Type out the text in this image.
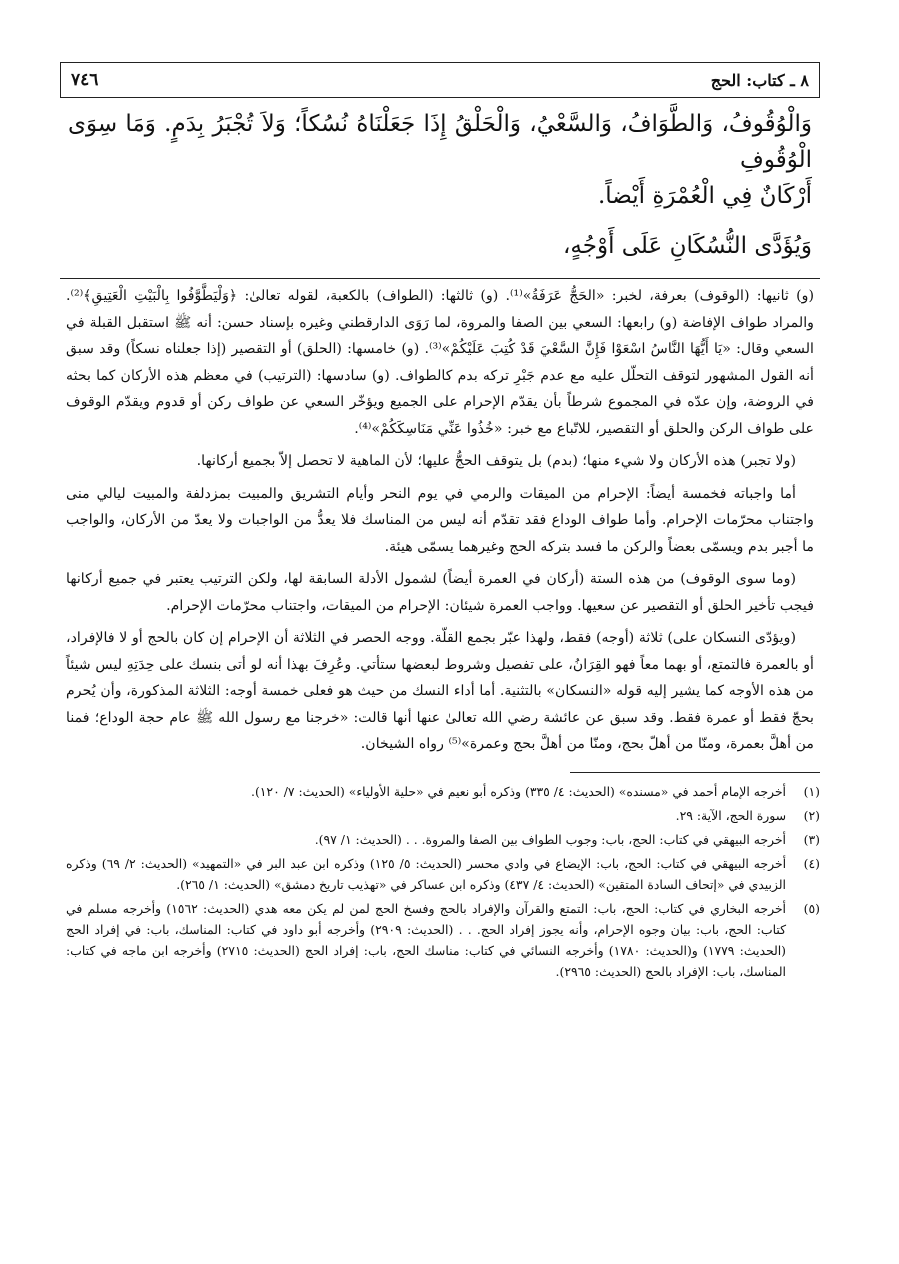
٨ ـ كتاب: الحج
٧٤٦
وَالْوُقُوفُ، وَالطَّوَافُ، وَالسَّعْيُ، وَالْحَلْقُ إِذَا جَعَلْنَاهُ نُسُكاً؛ وَلاَ تُجْبَرُ بِدَمٍ. وَمَا سِوَى الْوُقُوفِ
أَرْكَانٌ فِي الْعُمْرَةِ أَيْضاً.
وَيُؤَدَّى النُّسُكَانِ عَلَى أَوْجُهٍ،

(و) ثانيها: (الوقوف) بعرفة، لخبر: «الحَجُّ عَرَفَةُ»⁽¹⁾. (و) ثالثها: (الطواف) بالكعبة، لقوله تعالىٰ: ﴿وَلْيَطَّوَّفُوا بِالْبَيْتِ الْعَتِيقِ﴾⁽²⁾. والمراد طواف الإفاضة (و) رابعها: السعي بين الصفا والمروة، لما رَوَى الدارقطني وغيره بإسناد حسن: أنه ﷺ استقبل القبلة في السعي وقال: «يَا أَيُّهَا النَّاسُ اسْعَوْا فَإِنَّ السَّعْيَ قَدْ كُتِبَ عَلَيْكُمْ»⁽³⁾. (و) خامسها: (الحلق) أو التقصير (إذا جعلناه نسكاً) وقد سبق أنه القول المشهور لتوقف التحلّل عليه مع عدم جَبْرِ تركه بدم كالطواف. (و) سادسها: (الترتيب) في معظم هذه الأركان كما بحثه في الروضة، وإن عدّه في المجموع شرطاً بأن يقدّم الإحرام على الجميع ويؤخّر السعي عن طواف ركن أو قدوم ويقدّم الوقوف على طواف الركن والحلق أو التقصير، للاتّباع مع خبر: «خُذُوا عَنِّي مَنَاسِكَكُمْ»⁽⁴⁾.

(ولا تجبر) هذه الأركان ولا شيء منها؛ (بدم) بل يتوقف الحجُّ عليها؛ لأن الماهية لا تحصل إلاّ بجميع أركانها.

أما واجباته فخمسة أيضاً: الإحرام من الميقات والرمي في يوم النحر وأيام التشريق والمبيت بمزدلفة والمبيت ليالي منى واجتناب محرّمات الإحرام. وأما طواف الوداع فقد تقدّم أنه ليس من المناسك فلا يعدُّ من الواجبات ولا يعدّ من الأركان، والواجب ما أجبر بدم ويسمّى بعضاً والركن ما فسد بتركه الحج وغيرهما يسمّى هيئة.

(وما سوى الوقوف) من هذه الستة (أركان في العمرة أيضاً) لشمول الأدلة السابقة لها، ولكن الترتيب يعتبر في جميع أركانها فيجب تأخير الحلق أو التقصير عن سعيها. وواجب العمرة شيئان: الإحرام من الميقات، واجتناب محرّمات الإحرام.

(ويؤدّى النسكان على) ثلاثة (أوجه) فقط، ولهذا عبّر بجمع القلّة. ووجه الحصر في الثلاثة أن الإحرام إن كان بالحج أو لا فالإفراد، أو بالعمرة فالتمتع، أو بهما معاً فهو القِرَانُ، على تفصيل وشروط لبعضها ستأتي. وعُرِفَ بهذا أنه لو أتى بنسك على حِدَتِهِ ليس شيئاً من هذه الأوجه كما يشير إليه قوله «النسكان» بالتثنية. أما أداء النسك من حيث هو فعلى خمسة أوجه: الثلاثة المذكورة، وأن يُحرم بحجّ فقط أو عمرة فقط. وقد سبق عن عائشة رضي الله تعالىٰ عنها أنها قالت: «خرجنا مع رسول الله ﷺ عام حجة الوداع؛ فمنا من أهلَّ بعمرة، ومنّا من أهلّ بحج، ومنّا من أهلَّ بحج وعمرة»⁽⁵⁾ رواه الشيخان.

(١)
أخرجه الإمام أحمد في «مسنده» (الحديث: ٤/ ٣٣٥) وذكره أبو نعيم في «حلية الأولياء» (الحديث: ٧/ ١٢٠).
(٢)
سورة الحج، الآية: ٢٩.
(٣)
أخرجه البيهقي في كتاب: الحج، باب: وجوب الطواف بين الصفا والمروة. . . (الحديث: ١/ ٩٧).
(٤)
أخرجه البيهقي في كتاب: الحج، باب: الإيضاع في وادي محسر (الحديث: ٥/ ١٢٥) وذكره ابن عبد البر في «التمهيد» (الحديث: ٢/ ٦٩) وذكره الزبيدي في «إتحاف السادة المتقين» (الحديث: ٤/ ٤٣٧) وذكره ابن عساكر في «تهذيب تاريخ دمشق» (الحديث: ١/ ٢٦٥).
(٥)
أخرجه البخاري في كتاب: الحج، باب: التمتع والقرآن والإفراد بالحج وفسخ الحج لمن لم يكن معه هدي (الحديث: ١٥٦٢) وأخرجه مسلم في كتاب: الحج، باب: بيان وجوه الإحرام، وأنه يجوز إفراد الحج. . . (الحديث: ٢٩٠٩) وأخرجه أبو داود في كتاب: المناسك، باب: في إفراد الحج (الحديث: ١٧٧٩) و(الحديث: ١٧٨٠) وأخرجه النسائي في كتاب: مناسك الحج، باب: إفراد الحج (الحديث: ٢٧١٥) وأخرجه ابن ماجه في كتاب: المناسك، باب: الإفراد بالحج (الحديث: ٢٩٦٥).
